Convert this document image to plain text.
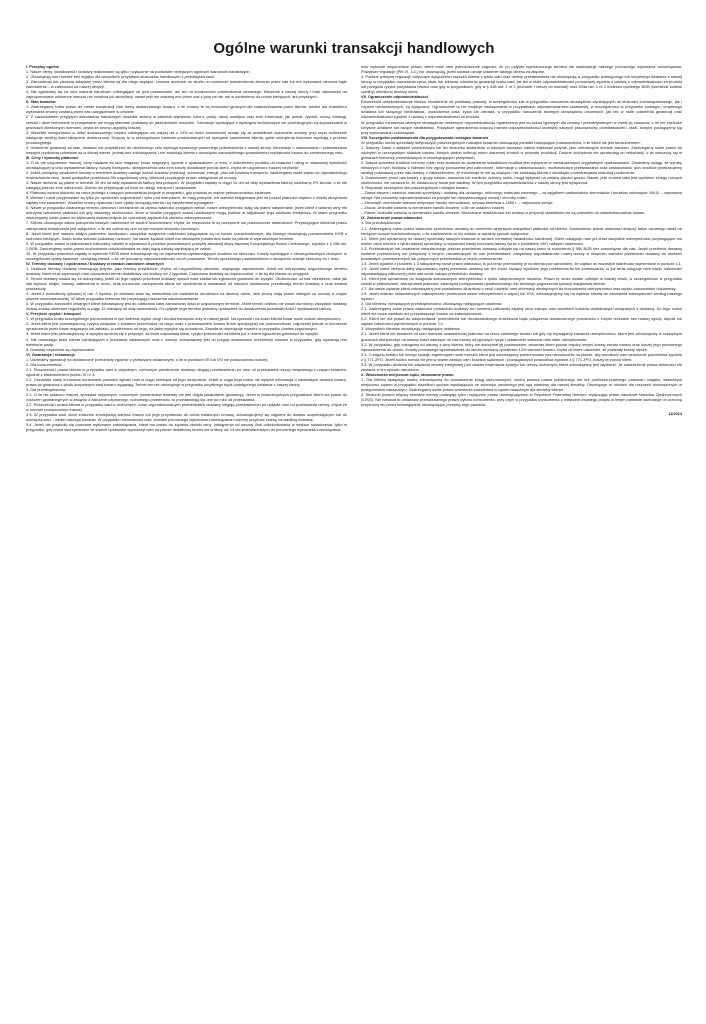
Ogólne warunki transakcji handlowych

I. Przepisy ogólne

1. Nasze oferty, świadczenia i dostawy realizowane są tylko i wyłącznie na podstawie niniejszych ogólnych warunków handlowych.

2. Obowiązują one również bez wyjątku dla wszystkich przyszłych stosunków handlowych z przedsiębiorcami.

3. Zamówienia lub zlecenia składane przez klienta są dla niego wiążące. Umowa dochodzi do skutku w momencie potwierdzenia zlecenia przez nas lub też wykonania zlecenia bądź zamówienia – w zależności od naszej decyzji.

4. Nie zgadzamy się na inne warunki handlowe, odbiegające od tych postanowień, ani też na konieczność potwierdzenia zwrotnego. Milczenie z naszej strony i brak odpowiedzi na zaproponowane odmienne warunki nie oznacza ich akceptacji, nawet jeśli nie zostaną one przez nas z góry na nie, ani w odniesieniu do umów bieżących, ani przyszłych.

II. Stan towarów

1. Zastrzegamy sobie prawo do zmian konstrukcji i/lub formy dostarczanego towaru, o ile zmiany te są zmianami typowymi dla zaakceptowania przez klienta. Istotne dla charakteru wykonania zmiany zostaną przez nas uwzględnione w umowie.

2. Z zachowaniem przyjętych standardów handlowych wszelkie zmiany w zakresie wymiarów, koloru, próby, danej analityce oraz inne informacje, jak próbki, rysunki, wzory, katalogi, cenniki i dane techniczne w prospektach nie mogą stanowić podstawy do jakichkolwiek roszczeń. Tolerancje wynikające z wymogów technicznych lub produkcyjnych są dopuszczalne w granicach określonych normami, chyba że strony uzgodnią inaczej.

3. Wszelkie niezgodności w ilości dostarczonego towaru odbiegające nie więcej niż o 10% od ilości zamówionej uznaje się za prawidłowe wykonanie umowy, przy czym rozliczenie następuje według ilości faktycznie dostarczonej. Dotyczy to w szczególności towarów produkowanych na specjalne zamówienie klienta, gdzie odchylenia ilościowe wynikają z procesu produkcyjnego.

4. Udzielenie gwarancji za stan, trwałość lub przydatność do określonego celu wymaga wyraźnego pisemnego potwierdzenia z naszej strony. Informacje o zastosowaniu i przetwarzaniu naszych produktów udzielane są w dobrej wierze, jednak bez zobowiązania, i nie zwalniają klienta z obowiązku samodzielnego sprawdzenia przydatności towaru do zamierzonego celu.

III. Ceny i sposoby płatności

1. O ile nie uzgodniono inaczej, ceny ustalane są loco magazyn (nasz magazyn), łącznie z opakowaniem, w euro, z doliczeniem podatku od towarów i usług w ustawowej wysokości obowiązującej w dniu wystawienia faktury. Koszty transportu, ubezpieczenia oraz inne koszty dodatkowe ponosi klient, chyba że uzgodniono inaczej na piśmie.

2. Jeżeli pomiędzy zawarciem umowy a terminem dostawy nastąpi wzrost kosztów produkcji, surowców, energii, płac lub kosztów transportu, zastrzegamy sobie prawo do odpowiedniego dostosowania ceny. Jeżeli podwyżka przekracza 5% uzgodnionej ceny, klientowi przysługuje prawo odstąpienia od umowy.

3. Nasze rachunki są płatne w terminie 30 dni od daty wystawienia faktury bez potrąceń. W przypadku zapłaty w ciągu 10 dni od daty wystawienia faktury udzielamy 2% skonta, o ile nie zalegają jeszcze inne należności. Skonto nie przysługuje od kwot za usługi, transport i opakowanie.

4. Płatności można dokonać na rzecz jednego z naszych pracowników jedynie w przypadku, gdy posiada on ważne pełnomocnictwo inkasowe.

5. Weksle i czeki przyjmowane są tylko po uprzednim uzgodnieniu i tylko pod warunkiem, że mają pokrycie. Ich wartość księgowana jest na poczet płatności dopiero z chwilą otrzymania zapłaty bez zastrzeżeń. Wszelkie koszty dyskonta i inne opłaty obciążają klienta i są natychmiast wymagalne.

6. Nawet w przypadku ustalonego terminu płatności i niezależnie od okresu ważności przyjętych weksli, nasze wierzytelności stają się płatne natychmiast, jeżeli klient z własnej winy nie dotrzyma warunków płatności lub gdy zaistnieją okoliczności, które w świetle przyjętych zasad handlowych mogą poddać w wątpliwość jego zdolność kredytową. W takim przypadku zastrzegamy sobie prawo do wykonania dostaw jedynie po uprzedniej zapłacie lub złożeniu zabezpieczenia.

7. Klienta obowiązuje zakaz potrącenia naszych należności ze swoimi roszczeniami, chyba, że roszczenia te są bezsporne lub prawomocnie stwierdzone. Przysługujące klientowi prawo zatrzymania świadczenia jest wyłączone, o ile nie opiera się ono na tym samym stosunku umownym.

8. Jeżeli klient jest naszym stałym partnerem handlowym, wszystkie wzajemne należności księgowane są na koncie rozrachunkowym, dla którego obowiązują postanowienia HGB o rachunku bieżącym. Saldo konta stanowi podstawę rozliczeń. Na nasze żądanie klient ma obowiązek potwierdzić saldo na piśmie w wyznaczonym terminie.

9. W przypadku zwłoki w płatnościach naliczamy odsetki w wysokości 8 punktów procentowych powyżej aktualnej stopy bazowej Europejskiego Banku Centralnego, zgodnie z § 288 ust. 2 BGB. Zastrzegamy sobie prawo dochodzenia odszkodowania za dalej idącą szkodę wynikającą ze zwłoki.

10. W przypadku polecenia zapłaty w systemie SEPA klient zobowiązuje się do zapewnienia wystarczających środków na rachunku. Koszty wynikające z nieuregulowanych obciążeń, w szczególności opłaty bankowe, obciążają klienta, o ile nie ponosimy odpowiedzialności za ich powstanie. Termin uprzedniego powiadomienia o obciążeniu zostaje skrócony do 1 dnia.

IV. Terminy dostawy i opóźnienia / Dostawy w ramach zamówień otwartych

1. Ustalone terminy dostawy obowiązują jedynie, jako terminy przybliżone, chyba, że uzgodniliśmy pisemnie, wiążącego zapewnienia. Jeżeli nie dotrzymamy uzgodnionego terminu dostawy, klient musi wyznaczyć nam odpowiedni termin dodatkowy, nie krótszy niż 2 tygodnie. Częściowe dostawy są dopuszczalne, o ile są dla klienta do przyjęcia.

2. Termin dostawy uważa się za dotrzymany, jeżeli do jego upływu przedmiot dostawy opuścił nasz zakład lub zgłoszono gotowość do wysyłki. Okoliczności od nas niezależne, takie jak siła wyższa, strajki, lokauty, zakłócenia w ruchu, brak surowców, zarządzenia władz lub opóźnienia w dostawach od naszych dostawców, przedłużają termin dostawy o czas trwania przeszkody.

3. Jeżeli z przeszkody opisanej w ust. 2 wynika, że dostawa stała się niemożliwa lub nadmiernie utrudniona na dłuższy okres, obie strony mają prawo odstąpić od umowy w części jeszcze niezrealizowanej. W takim przypadku klientowi nie przysługują roszczenia odszkodowawcze.

4. W przypadku zamówień otwartych klient zobowiązany jest do odebrania całej zamówionej ilości w uzgodnionym terminie. Jeżeli termin odbioru nie został określony, wszystkie dostawy muszą zostać odebrane najpóźniej w ciągu 12 miesięcy od daty zamówienia. Po upływie tego terminu jesteśmy uprawnieni do dostarczenia pozostałej ilości i wystawienia faktury.

V. Przejście ryzyka i transport

1. W przypadku braku szczególnego porozumienia w tym zakresie wybór drogi i środka transportu leży w naszej gestii. Na życzenie i na koszt klienta towar może zostać ubezpieczony.

2. Jeżeli klient jest przedsiębiorcą, ryzyka związane z towarem przechodzą na niego wraz z przekazaniem towaru firmie spedycyjnej lub przewoźnikowi, najpóźniej jednak w momencie opuszczenia przez towar magazynu lub zakładu, w zależności od tego, na jakiej wysyłce się umówiono. Zasada ta obowiązuje również w przypadku dostaw częściowych.

3. Jeżeli klient jest przedsiębiorcą, a wysyłka opóźnia się z przyczyn, za które odpowiada klient, ryzyko przechodzi na klienta już z dniem zgłoszenia gotowości do wysyłki.

4. Nie naruszając praw klienta wynikających z przepisów ustawowych oraz z umowy, zobowiązany jest on przyjąć dostarczone przedmioty również w przypadku, gdy wykazują one nieistotne wady.

5. Dostawy częściowe są dopuszczalne.

VI. Gwarancja i reklamacje

1. Udzielamy gwarancji na dostarczone przedmioty zgodnie z przepisami ustawowymi, o ile w punktach VII lub VIII nie postanowiono inaczej.

2. Dla konsumentów:

2.1. Roszczenia i prawa klienta w przypadku wad w używanym, ruchomym przedmiocie dostawy ulegają przedawnieniu po roku od przekazania rzeczy związanego z nowym towarem, zgodnie z zastrzeżeniem punktu VI nr 4.

2.2. Oczywiste wady w towarze konsument powinien zgłosić nam w ciągu miesiąca od jego otrzymania. Jeżeli w ciągu tego czasu nie wpłynie informacja o zaistniałych wadach towaru, prawa do gwarancji z tytułu oczywistych wad towaru wygasają. Termin ten nie obowiązuje w przypadku umyślnego bądź podstępnego działania z naszej strony.

3. Dla przedsiębiorców:

3.1. O ile nie ustalono inaczej, sprzedaż używanych, ruchomych przedmiotów dostawy nie jest objęta jakąkolwiek gwarancją. Jeżeli w poszczególnych przypadkach klient ma prawo do roszczeń gwarancyjnych w związku z zakupem używanego, ruchomego przedmiotu, to przedawniają się one po roku od przekazania.

3.2. Roszczenia i prawa klienta w przypadku wad w ruchomych, nowo wyprodukowanych przedmiotach dostawy ulegają przedawnieniu po upływie roku od przekazania rzeczy, chyba że w umowie postanowiono inaczej.

3.3. W przypadku wad, które znacznie zmniejszają wartość towaru lub jego przydatność do celów ustalonych umową, zobowiązujemy się najpierw do dostaw uzupełniających lub do usunięcia wad – wedle naszego uznania. W przypadku niemożności wad, zamiast ponownego wykonania zobowiązania możemy przyznać zniżkę na wadliwą dostawę.

3.4. Jeżeli nie powiodło się ponowne wykonanie zobowiązania, klient ma prawo do żądania obniżki ceny, odstąpienia od umowy i/lub odszkodowania w miejsce świadczenia, tylko w przypadku, gdy przed skorzystaniem ze swoich uprawnień wyznaczył nam na piśmie dodatkowy termin nie krótszy niż 14 dni kalendarzowych do ponownego wykonania zobowiązania.

móc wykonać wspomniane prawo, klient musi nam jednoznacznie zagrozić, że po upływie wyznaczonego terminu nie zaakceptuje naszego ponownego wykonania zobowiązania. Powyższe regulacje (Pkt VI. 3.4.) nie obowiązują, jeżeli ustawa uznaje ustalenie takiego okresu za zbędne.

4. Podane powyżej regulacje dotyczące wyłączenia roszczeń klienta z tytułu wad oraz okresy przedawnienia nie obowiązują w przypadku podstępnego lub umyślnego działania z naszej strony, w przypadku naruszenia życia, ciała, lub zdrowia, udzielenia gwarancji braku wad, jak też w razie odpowiedzialności ponoszonej zgodnie z ustawą o odpowiedzialności za produkt lub przejęcia ryzyka pozyskania towaru oraz gdy w przypadkach, gdy w § 438 ust. 1 nr 2 (budowle i rzeczy do budowli) oraz 634a ust. 1 nr 2 kodeksu cywilnego BGB (niemiecki kodeks cywilny) określono dłuższy okres.

VII. Ograniczenie odpowiedzialności

Roszczenia odszkodowawcze klienta, niezależnie od podstawy prawnej, w szczególności zaś w przypadku naruszenia obowiązków wynikających ze stosunku zobowiązaniowego, jak i czynów niedozwolonych, są wyłączone. Ograniczenie to nie znajduje zastosowania w przypadkach odpowiedzialności ustawowej, w szczególności w przypadku podstępu, umyślnego działania lub rażącego niedbalstwa, uszkodzenia ciała, życia lub zdrowia, w przypadku naruszenia istotnych obowiązków umownych, jak też w razie udzielenia gwarancji oraz odpowiedzialności zgodnie z ustawą o odpowiedzialności za produkt.

W przypadku naruszenia istotnych obowiązków umownych odpowiedzialność ograniczona jest do szkód typowych dla umowy i przewidywalnych w chwili jej zawarcia, o ile nie zachodzi umyślne działanie lub rażące niedbalstwo. Powyższe ograniczenia dotyczą również odpowiedzialności osobistej naszych pracowników, przedstawicieli i osób, którymi posługujemy się przy wykonywaniu zobowiązań.

VIII. Szczególne postanowienia dla przygotowania rodzajów towarów

W przypadku umów sprzedaży dotyczących poszczególnych rodzajów towarów obowiązują ponadto następujące postanowienia, o ile klient nie jest konsumentem:

1. Nawozy: Dane o składzie procentowym lub też stosunku składników w naszych towarach należy traktować jedynie, jako orientacyjne średnie wartości. Zastrzegamy sobie prawo do odchyleń w rzeczywistym składzie towaru, których trudno uniknąć mimo starannej kontroli w procesie produkcji. Drobne odchylenia nie uprawniają do reklamacji, o ile mieszczą się w granicach tolerancji przewidzianych w obowiązujących przepisach.

2. Dalsza sprzedaż środków ochrony roślin oraz środków do zwalczania szkodników możliwa jest wyłącznie w nienaruszonych oryginalnych opakowaniach. Zwracamy uwagę, że wyroby niektórych z tych środków z Niemiec bez zgody producenta jest zabronione. Informacje o właściwościach, możliwościach przetwarzania oraz zastosowaniu tych środków przekazujemy według posiadanej przez nas wiedzy, z zastrzeżeniem, że informacje te nie są wiążące i nie zwalniają klienta z obowiązku przestrzegania instrukcji producenta.

3. Dostarczone przez nas towary z grupy nasion, nawozów lub środków ochrony roślin, mogą wpływać na zmiany jakości gruntu. Nawet, jeśli zmiana taka jest wynikiem zbiegu różnych okoliczności, nie oznacza to, że dostarczony towar jest wadliwy. W tym przypadku odpowiedzialność z naszej strony jest wyłączona.

4. Regulacje szczególne dla poszczególnych rodzajów towaru:

– Ziarna siewne i nasiona: warunki sprzedaży i dostawy dla uznanego, rolniczego materiału siewnego – za wyjątkiem sadzeniaków ziemniaków i buraków cukrowych: AVLB – najnowsza wersja. Nie ponosimy odpowiedzialności za pomyłki lub niewystarczający rozwój i choroby roślin.

– Ziemniaki: niemieckie warunki dotyczące handlu ziemniakami, umowa berlińska z 1956 r. – najnowsza wersja.

– Zboża: Jednolite warunki w niemieckim handlu zbożem, o ile nie ustalono inaczej.

– Pasze: Jednolite warunki w niemieckim handlu zbożem. Nieznaczne rozbieżności lub zmiany w proporcji składników nie są powodem do zakwestionowania towaru.

IX. Zastrzeżenie prawa własności

1. Dla przedsiębiorców:

1.1. Zastrzegamy sobie prawo własności przedmiotu dostawy do momentu wpłynięcia wszystkich płatności od klienta. Zastrzeżenie prawa własności dotyczy także uznanego salda na bieżącym koncie rozrachunkowym, o ile zastrzeżenie to nie zostało w wyraźny sposób wyłączone.

1.2. Klient jest uprawniony do dalszej sprzedaży naszych towarów w ramach normalnej działalności handlowej. Klient odstępuje nam już teraz wszystkie wierzytelności przysługujące mu wobec osób trzecich z tytułu dalszej sprzedaży, w wysokości kwoty końcowej faktury (wraz z podatkiem VAT) naszych należności.

1.3. Przetwarzanie lub obrabianie nieopłaconego jeszcze przedmiotu dostawy odbywa się na naszą rzecz w rozumieniu § 950 BGB bez zobowiązań dla nas. Jeżeli przedmiot dostawy zostanie przetworzony lub połączony z innymi, nienależącymi do nas przedmiotami, nabywamy współwłasność nowej rzeczy w stosunku wartości przedmiotu dostawy do wartości pozostałych przetworzonych lub połączonych przedmiotów w chwili przetworzenia.

1.4. Jeżeli zgodnie z punktem 1.3 nabędziemy nowe prawo własności, to już teraz przenosimy je na klienta pod warunkiem, że zapłaci on wszystkie należności wymienione w punkcie 1.1.

1.5. Jeżeli klient otrzyma dalej wspomnianą wyżej przedmiot dostawy lub też towar, będący wynikiem jego przetworzenia lub pomieszania, to już teraz ustępuje nam część należności odpowiadającą naliczonej przez nas cenie zakupu przedmiotu dostawy.

1.6. Klient jest uprawniony do ściągania scedowanych wierzytelności z tytułu odsprzedanych towarów. Prawo to może zostać cofnięte w każdej chwili, w szczególności w przypadku zwłoki w płatnościach, wstrzymania płatności, wszczęcia postępowania upadłościowego lub istotnego pogorszenia sytuacji majątkowej klienta.

1.7. Na nasze żądanie klient zobowiązany jest powiadomić dłużników o cesji i udzielić nam informacji niezbędnych do dochodzenia wierzytelności oraz wydać odpowiednie dokumenty.

1.8. Jeżeli wartość ustanowionych zabezpieczeń przekracza nasze wierzytelności o więcej niż 10%, zobowiązujemy się na żądanie klienta do zwolnienia zabezpieczeń według naszego wyboru.

2. Dla klientów, niebędących przedsiębiorcami, obowiązują następujące ustalenia:

2.1. Zastrzegamy sobie prawo własności przedmiotu dostawy do momentu całkowitej zapłaty ceny zakupu oraz wszelkich kosztów dodatkowych związanych z dostawą. Do tego czasu klient nie może zastawić ani przewłaszczyć towaru na zabezpieczenie.

2.2. Klient nie ma prawa do odsprzedania, przerobienia lub nieodwracalnego zmieszania bądź połączenia dostarczonego przedmiotu z innymi rzeczami bez naszej zgody, dopóki nie zapłaci należności wymienionych w punkcie 2.1.

3. Wszystkich klientów obowiązują następujące ustalenia:

3.1. Jeżeli klient nie zamierza od razu dokonać uzasadnionej płatności na rzecz należnego towaru lub gdy my wymagamy zawarcia ubezpieczenia, klient jest zobowiązany w rozsądnym granicach ubezpieczyć na własny koszt należące do nas towary od typowych ryzyk i ostatecznie wskazać nam takie ubezpieczenie.

3.2. W przypadku, gdy odstąpimy od umowy z winy klienta, który nie dotrzymał jej postanowień, wówczas klient ponosi między innymi koszty zwrotu towaru oraz koszty jego ponownego wprowadzenia do obrotu. Koszty ponownego wprowadzenia do obrotu wynoszą ryczałtowo 10% wartości towaru, chyba że klient udowodni, że powstały koszty niższe.

3.3. O zajęciu towaru lub innego rodzaju ingerencjach osób trzecich klient jest zobowiązany poinformować nas niezwłocznie na piśmie, aby umożliwić nam wniesienie powództwa zgodnie z § 771 ZPO. Jeżeli osoba trzecia nie jest w stanie zwrócić nam kosztów sądowych i pozasądowych powództwa zgodnie z § 771 ZPO, koszty te ponosi klient.

3.4. W przypadku istnienia lub zawarcia umowy kredytowej pod zastaw inwentarza żywego lub rzeczy ruchomych klient zobowiązany jest zapewnić, że zastrzeżenie prawa własności nie zostanie w ten sposób naruszone.

X. Właściwość miejscowa sądu, stosowane prawo

1. Dla klienta będącego osobą zobowiązaną do prowadzenia ksiąg rachunkowych, osobą prawną prawa publicznego lub też publiczno-prawnego podmiotu majątku, właściwym miejscowo sądem w przypadku wszelkich sporów wynikających ze stosunku umownego jest sąd właściwy dla naszej siedziby. Obowiązuje to również dla roszczeń dochodzonych w postępowaniu nakazowym. Zastrzegamy sobie prawo wniesienia powództwa w sądzie właściwym dla siedziby klienta.

2. Stosunki prawne między stronami umowy podlegają tylko i wyłącznie prawu obowiązującemu w Republice Federalnej Niemiec, wyłączając prawo handlowe Narodów Zjednoczonych (CISG). Nie narusza to ustawowo przewidzianego prawa wyboru konsumenta, przy czym w przypadku konsumenta z miejscem zwykłego pobytu w innym państwie zachowuje on ochronę przyznaną mu przez bezwzględnie obowiązujące przepisy tego państwa.

11/2014
